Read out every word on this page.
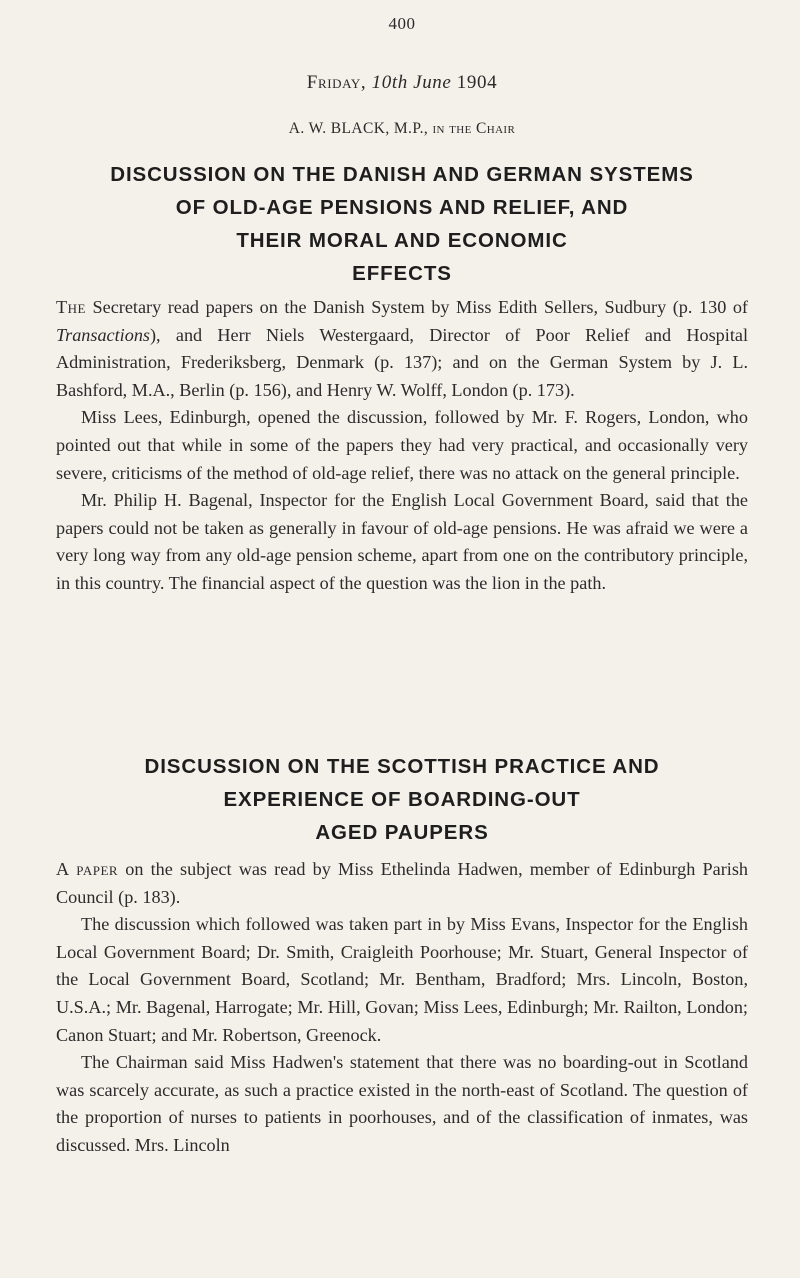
400
Friday, 10th June 1904
A. W. BLACK, M.P., in the Chair
DISCUSSION ON THE DANISH AND GERMAN SYSTEMS
OF OLD-AGE PENSIONS AND RELIEF, AND
THEIR MORAL AND ECONOMIC
EFFECTS

The Secretary read papers on the Danish System by Miss Edith Sellers, Sudbury (p. 130 of Transactions), and Herr Niels Westergaard, Director of Poor Relief and Hospital Administration, Frederiksberg, Denmark (p. 137); and on the German System by J. L. Bashford, M.A., Berlin (p. 156), and Henry W. Wolff, London (p. 173).

Miss Lees, Edinburgh, opened the discussion, followed by Mr. F. Rogers, London, who pointed out that while in some of the papers they had very practical, and occasionally very severe, criticisms of the method of old-age relief, there was no attack on the general principle.

Mr. Philip H. Bagenal, Inspector for the English Local Government Board, said that the papers could not be taken as generally in favour of old-age pensions. He was afraid we were a very long way from any old-age pension scheme, apart from one on the contributory principle, in this country. The financial aspect of the question was the lion in the path.

DISCUSSION ON THE SCOTTISH PRACTICE AND
EXPERIENCE OF BOARDING-OUT
AGED PAUPERS

A paper on the subject was read by Miss Ethelinda Hadwen, member of Edinburgh Parish Council (p. 183).

The discussion which followed was taken part in by Miss Evans, Inspector for the English Local Government Board; Dr. Smith, Craigleith Poorhouse; Mr. Stuart, General Inspector of the Local Government Board, Scotland; Mr. Bentham, Bradford; Mrs. Lincoln, Boston, U.S.A.; Mr. Bagenal, Harrogate; Mr. Hill, Govan; Miss Lees, Edinburgh; Mr. Railton, London; Canon Stuart; and Mr. Robertson, Greenock.

The Chairman said Miss Hadwen's statement that there was no boarding-out in Scotland was scarcely accurate, as such a practice existed in the north-east of Scotland. The question of the proportion of nurses to patients in poorhouses, and of the classification of inmates, was discussed. Mrs. Lincoln
